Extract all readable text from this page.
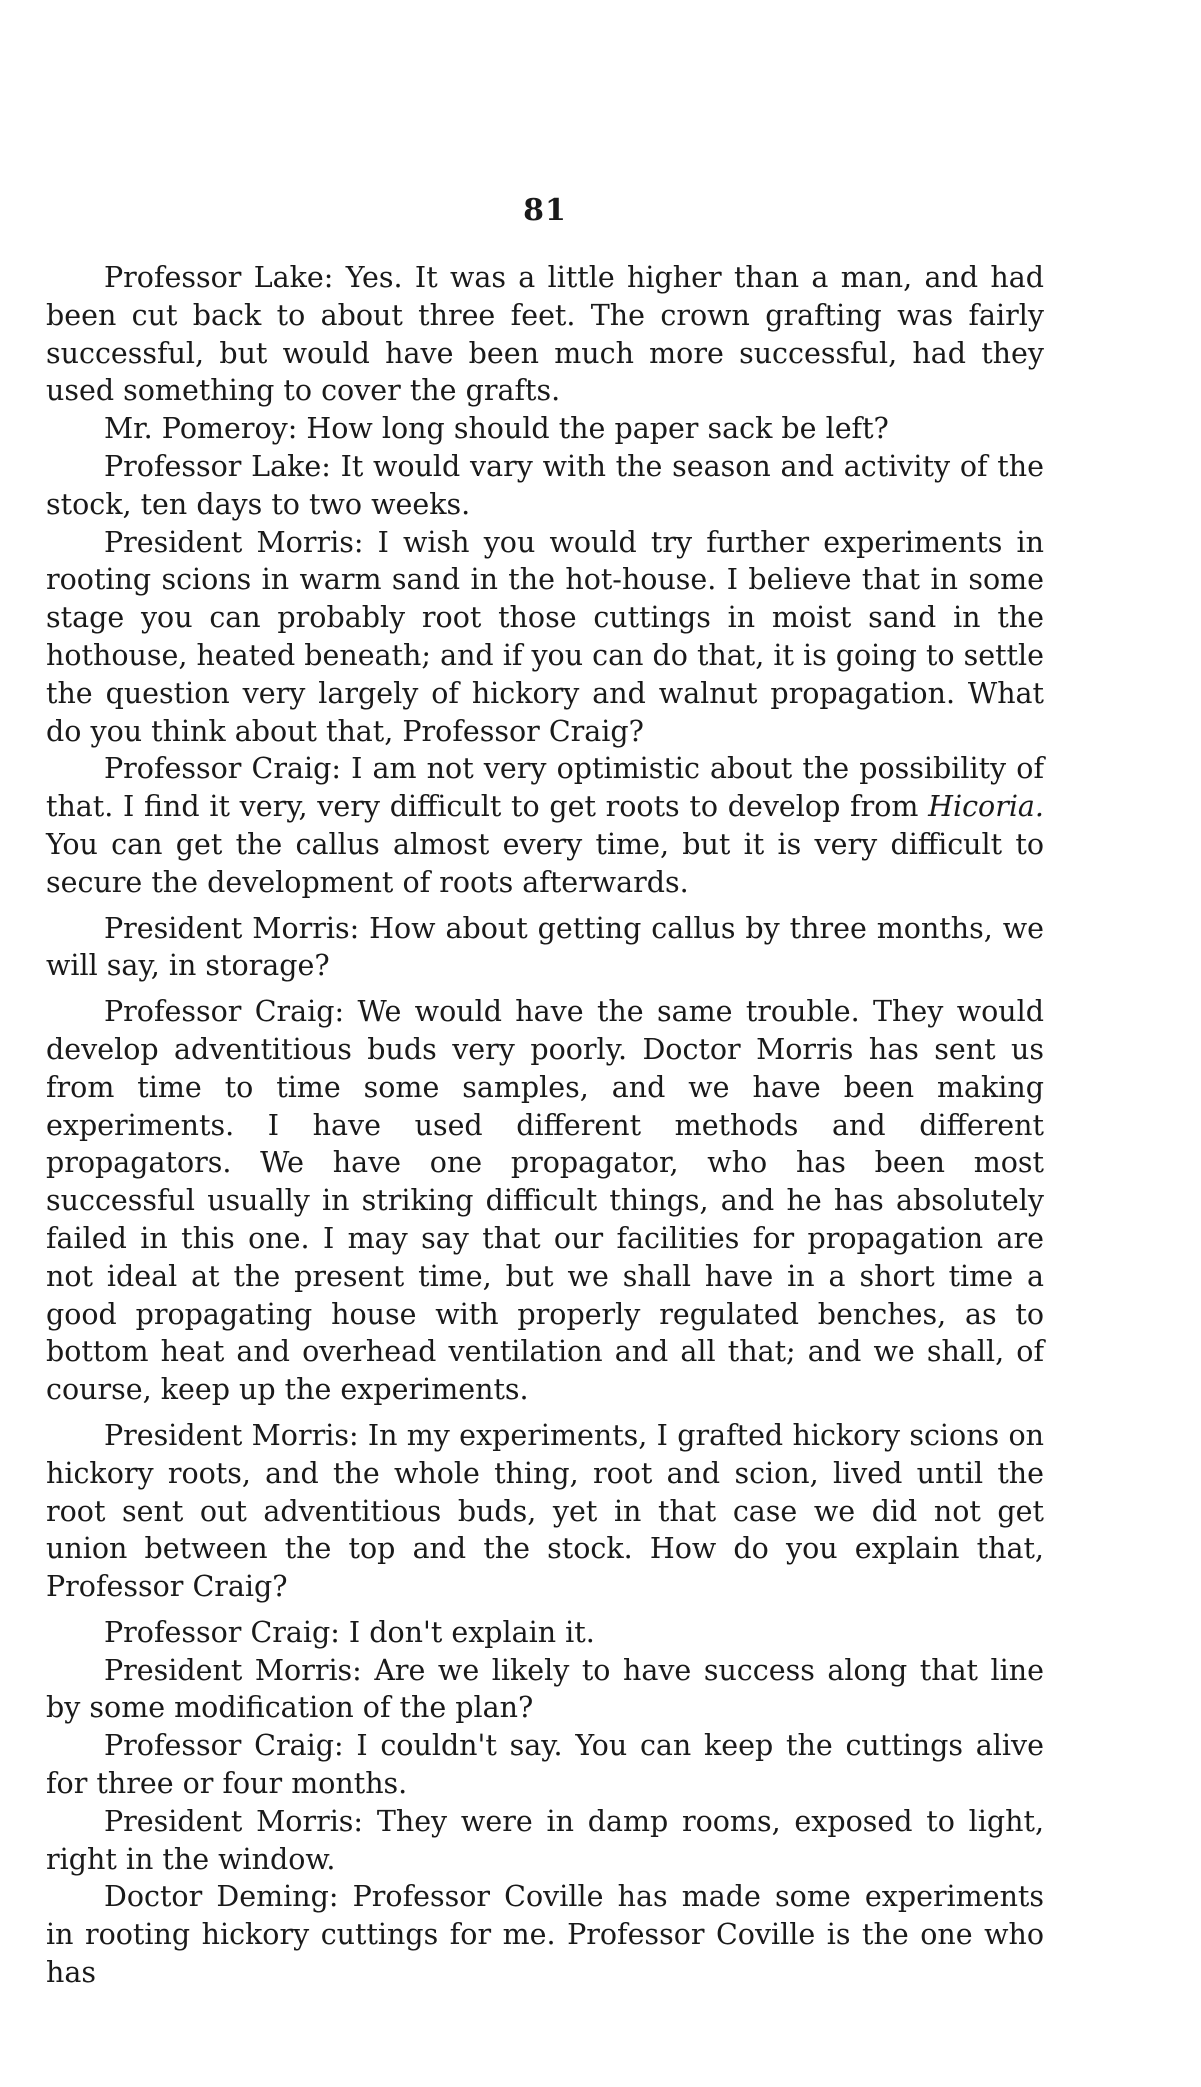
81

Professor Lake: Yes. It was a little higher than a man, and had been cut back to about three feet. The crown grafting was fairly successful, but would have been much more successful, had they used something to cover the grafts.

Mr. Pomeroy: How long should the paper sack be left?

Professor Lake: It would vary with the season and activity of the stock, ten days to two weeks.

President Morris: I wish you would try further experiments in rooting scions in warm sand in the hot-house. I believe that in some stage you can probably root those cuttings in moist sand in the hothouse, heated beneath; and if you can do that, it is going to settle the question very largely of hickory and walnut propagation. What do you think about that, Professor Craig?

Professor Craig: I am not very optimistic about the possibility of that. I find it very, very difficult to get roots to develop from Hicoria. You can get the callus almost every time, but it is very difficult to secure the development of roots afterwards.

President Morris: How about getting callus by three months, we will say, in storage?

Professor Craig: We would have the same trouble. They would develop adventitious buds very poorly. Doctor Morris has sent us from time to time some samples, and we have been making experiments. I have used different methods and different propagators. We have one propagator, who has been most successful usually in striking difficult things, and he has absolutely failed in this one. I may say that our facilities for propagation are not ideal at the present time, but we shall have in a short time a good propagating house with properly regulated benches, as to bottom heat and overhead ventilation and all that; and we shall, of course, keep up the experiments.

President Morris: In my experiments, I grafted hickory scions on hickory roots, and the whole thing, root and scion, lived until the root sent out adventitious buds, yet in that case we did not get union between the top and the stock. How do you explain that, Professor Craig?

Professor Craig: I don't explain it.

President Morris: Are we likely to have success along that line by some modification of the plan?

Professor Craig: I couldn't say. You can keep the cuttings alive for three or four months.

President Morris: They were in damp rooms, exposed to light, right in the window.

Doctor Deming: Professor Coville has made some experiments in rooting hickory cuttings for me. Professor Coville is the one who has
